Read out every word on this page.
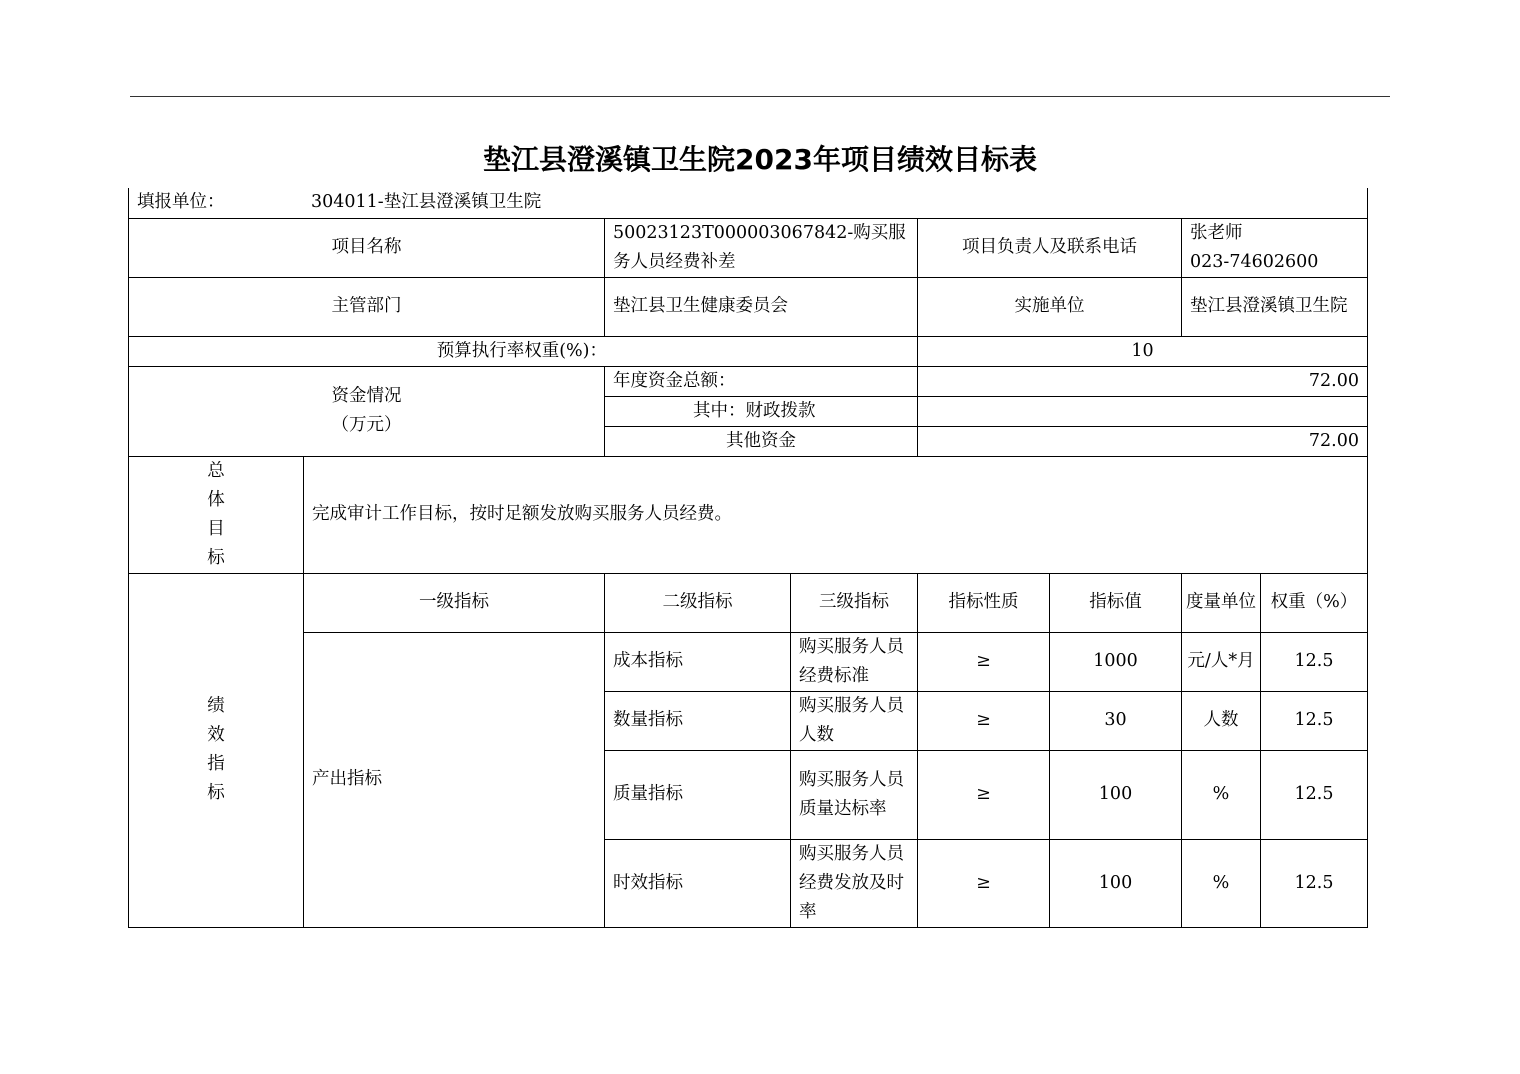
垫江县澄溪镇卫生院2023年项目绩效目标表
填报单位： 304011-垫江县澄溪镇卫生院							
项目名称		50023123T000003067842-购买服务人员经费补差		项目负责人及联系电话		张老师
023-74602600	

主管部门		垫江县卫生健康委员会		实施单位		垫江县澄溪镇卫生院	
预算执行率权重(%)：				10			

资金情况
（万元）		年度资金总额：		72.00			
		其中：财政拨款					
		其他资金		72.00			

总
体
目
标	完成审计工作目标，按时足额发放购买服务人员经费。						

绩
效
指
标	一级指标	二级指标	三级指标	指标性质	指标值	度量单位	权重（%）
	产出指标	成本指标	购买服务人员经费标准	≥	1000	元/人*月	12.5
		数量指标	购买服务人员人数	≥	30	人数	12.5
		质量指标	购买服务人员质量达标率	≥	100	%	12.5
		时效指标	购买服务人员经费发放及时率	≥	100	%	12.5
